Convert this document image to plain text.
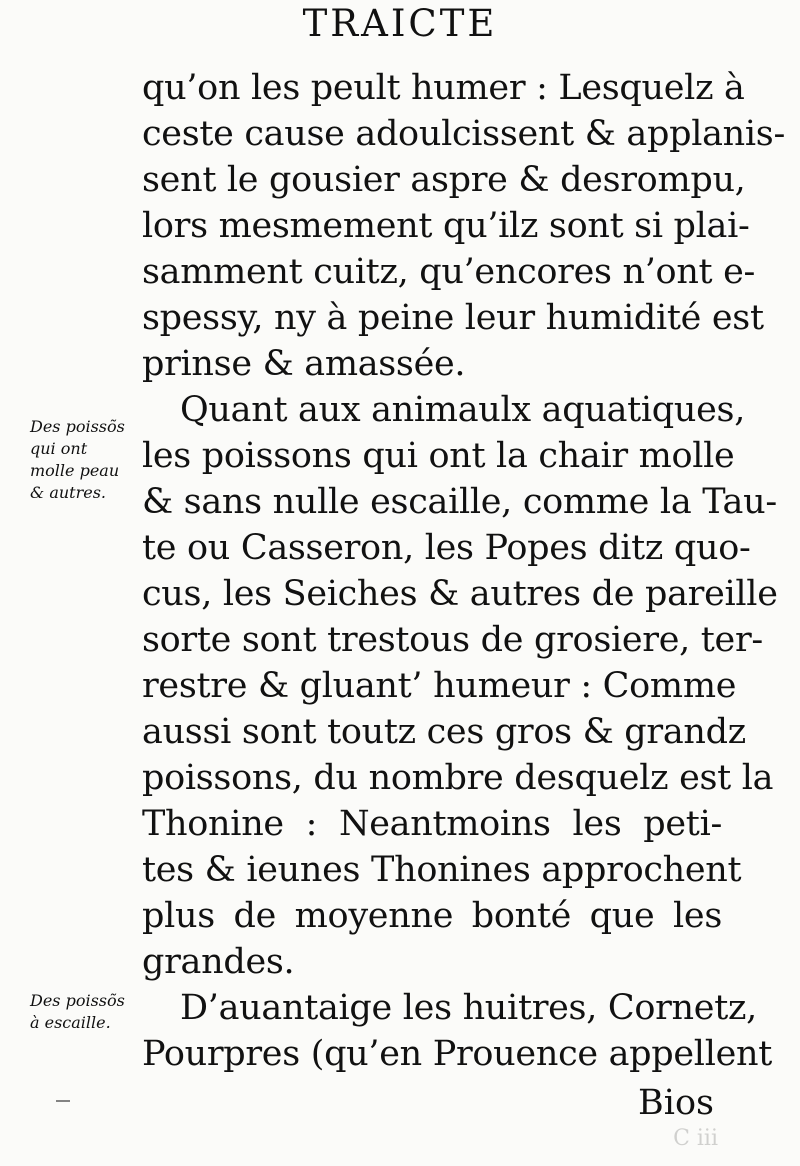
TRAICTE
qu’on les peult humer : Lesquelz à
ceste cause adoulcissent & applanis-
sent le gousier aspre & desrompu,
lors mesmement qu’ilz sont si plai-
samment cuitz, qu’encores n’ont e-
spessy, ny à peine leur humidité est
prinse & amassée.
Quant aux animaulx aquatiques,
les poissons qui ont la chair molle
& sans nulle escaille, comme la Tau-
te ou Casseron, les Popes ditz quo-
cus, les Seiches & autres de pareille
sorte sont trestous de grosiere, ter-
restre & gluant’ humeur : Comme
aussi sont toutz ces gros & grandz
poissons, du nombre desquelz est la
Thonine : Neantmoins les peti-
tes & ieunes Thonines approchent
plus de moyenne bonté que les
grandes.
D’auantaige les huitres, Cornetz,
Pourpres (qu’en Prouence appellent
Bios
Des poissõs
qui ont
molle peau
& autres.
Des poissõs
à escaille.
C iii
